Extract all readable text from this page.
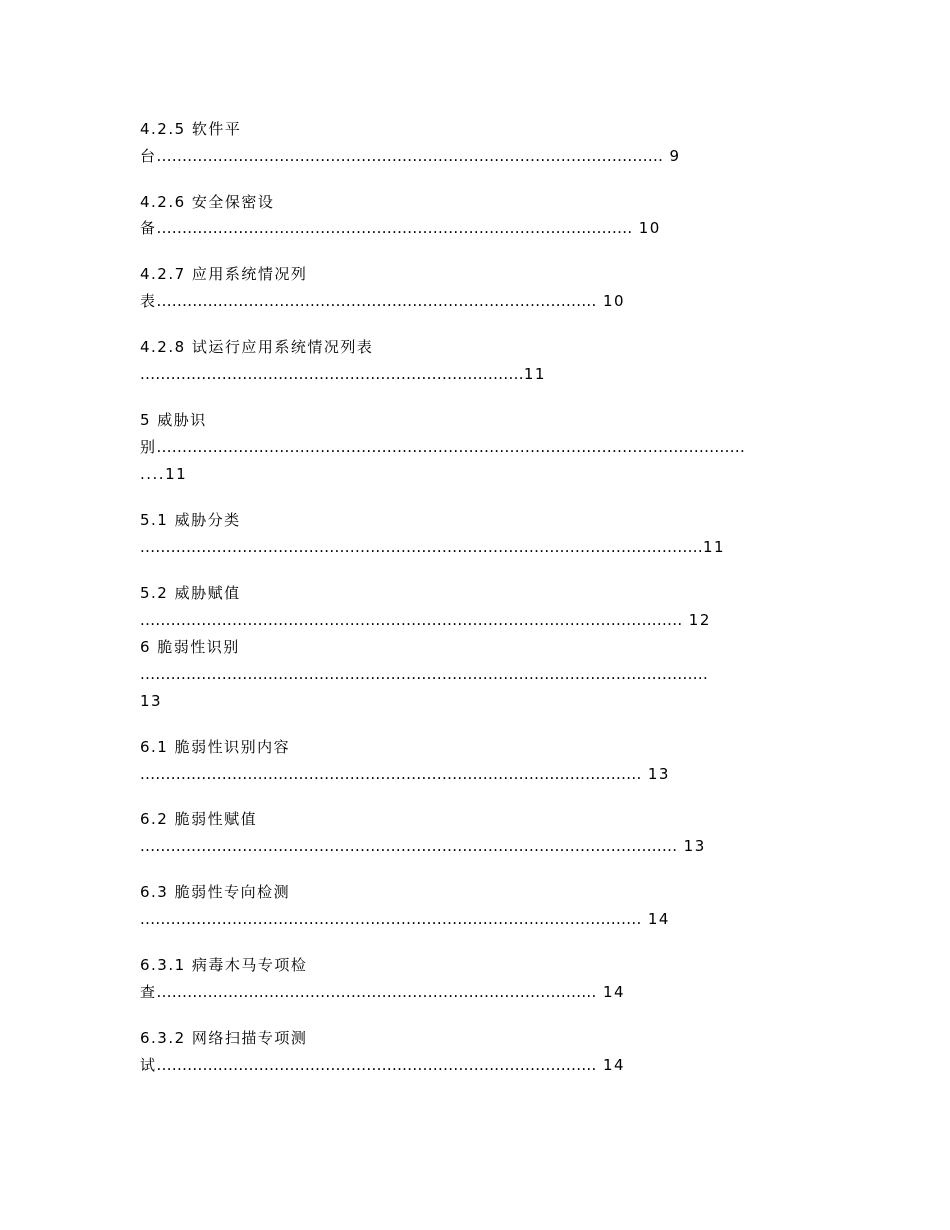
4.2.5 软件平
台................................................................................................... 9
4.2.6 安全保密设
备............................................................................................. 10
4.2.7 应用系统情况列
表...................................................................................... 10
4.2.8 试运行应用系统情况列表
...........................................................................11
5 威胁识
别...................................................................................................................
....11
5.1 威胁分类
..............................................................................................................11
5.2 威胁赋值
.......................................................................................................... 12
6 脆弱性识别
...............................................................................................................
13
6.1 脆弱性识别内容
.................................................................................................. 13
6.2 脆弱性赋值
......................................................................................................... 13
6.3 脆弱性专向检测
.................................................................................................. 14
6.3.1 病毒木马专项检
查...................................................................................... 14
6.3.2 网络扫描专项测
试...................................................................................... 14
